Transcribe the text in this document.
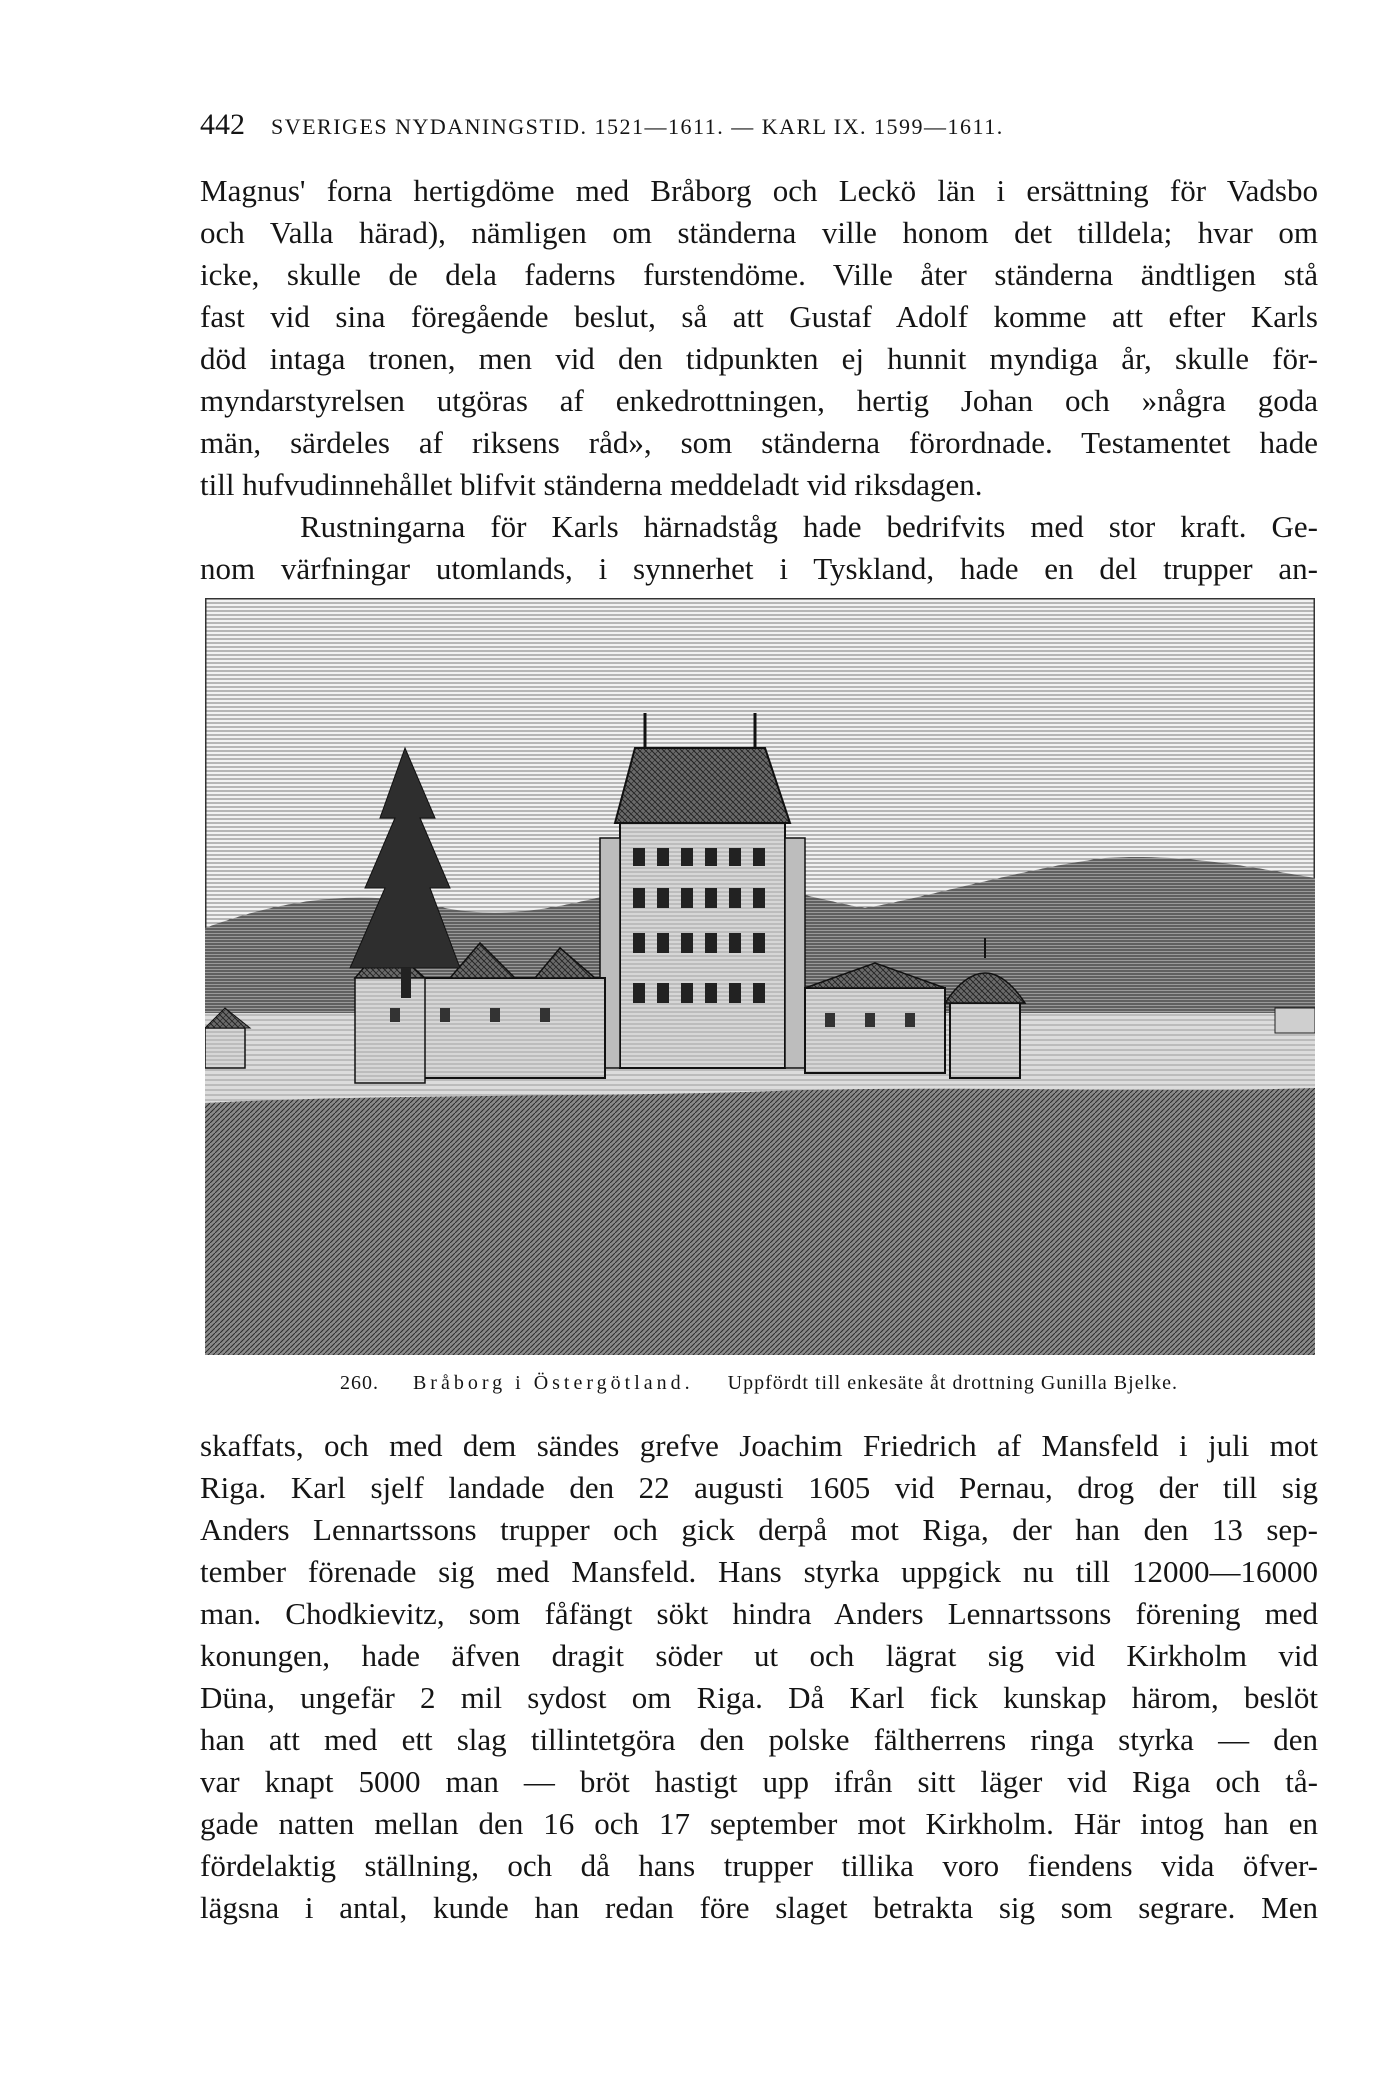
442 SVERIGES NYDANINGSTID. 1521—1611. — KARL IX. 1599—1611.
Magnus' forna hertigdöme med Bråborg och Leckö län i ersättning för Vadsbo
och Valla härad), nämligen om ständerna ville honom det tilldela; hvar om
icke, skulle de dela faderns furstendöme. Ville åter ständerna ändtligen stå
fast vid sina föregående beslut, så att Gustaf Adolf komme att efter Karls
död intaga tronen, men vid den tidpunkten ej hunnit myndiga år, skulle för-
myndarstyrelsen utgöras af enkedrottningen, hertig Johan och »några goda
män, särdeles af riksens råd», som ständerna förordnade. Testamentet hade
till hufvudinnehållet blifvit ständerna meddeladt vid riksdagen.
Rustningarna för Karls härnadståg hade bedrifvits med stor kraft. Ge-
nom värfningar utomlands, i synnerhet i Tyskland, hade en del trupper an-
260. Bråborg i Östergötland. Uppfördt till enkesäte åt drottning Gunilla Bjelke.
skaffats, och med dem sändes grefve Joachim Friedrich af Mansfeld i juli mot
Riga. Karl sjelf landade den 22 augusti 1605 vid Pernau, drog der till sig
Anders Lennartssons trupper och gick derpå mot Riga, der han den 13 sep-
tember förenade sig med Mansfeld. Hans styrka uppgick nu till 12000—16000
man. Chodkievitz, som fåfängt sökt hindra Anders Lennartssons förening med
konungen, hade äfven dragit söder ut och lägrat sig vid Kirkholm vid
Düna, ungefär 2 mil sydost om Riga. Då Karl fick kunskap härom, beslöt
han att med ett slag tillintetgöra den polske fältherrens ringa styrka — den
var knapt 5000 man — bröt hastigt upp ifrån sitt läger vid Riga och tå-
gade natten mellan den 16 och 17 september mot Kirkholm. Här intog han en
fördelaktig ställning, och då hans trupper tillika voro fiendens vida öfver-
lägsna i antal, kunde han redan före slaget betrakta sig som segrare. Men
